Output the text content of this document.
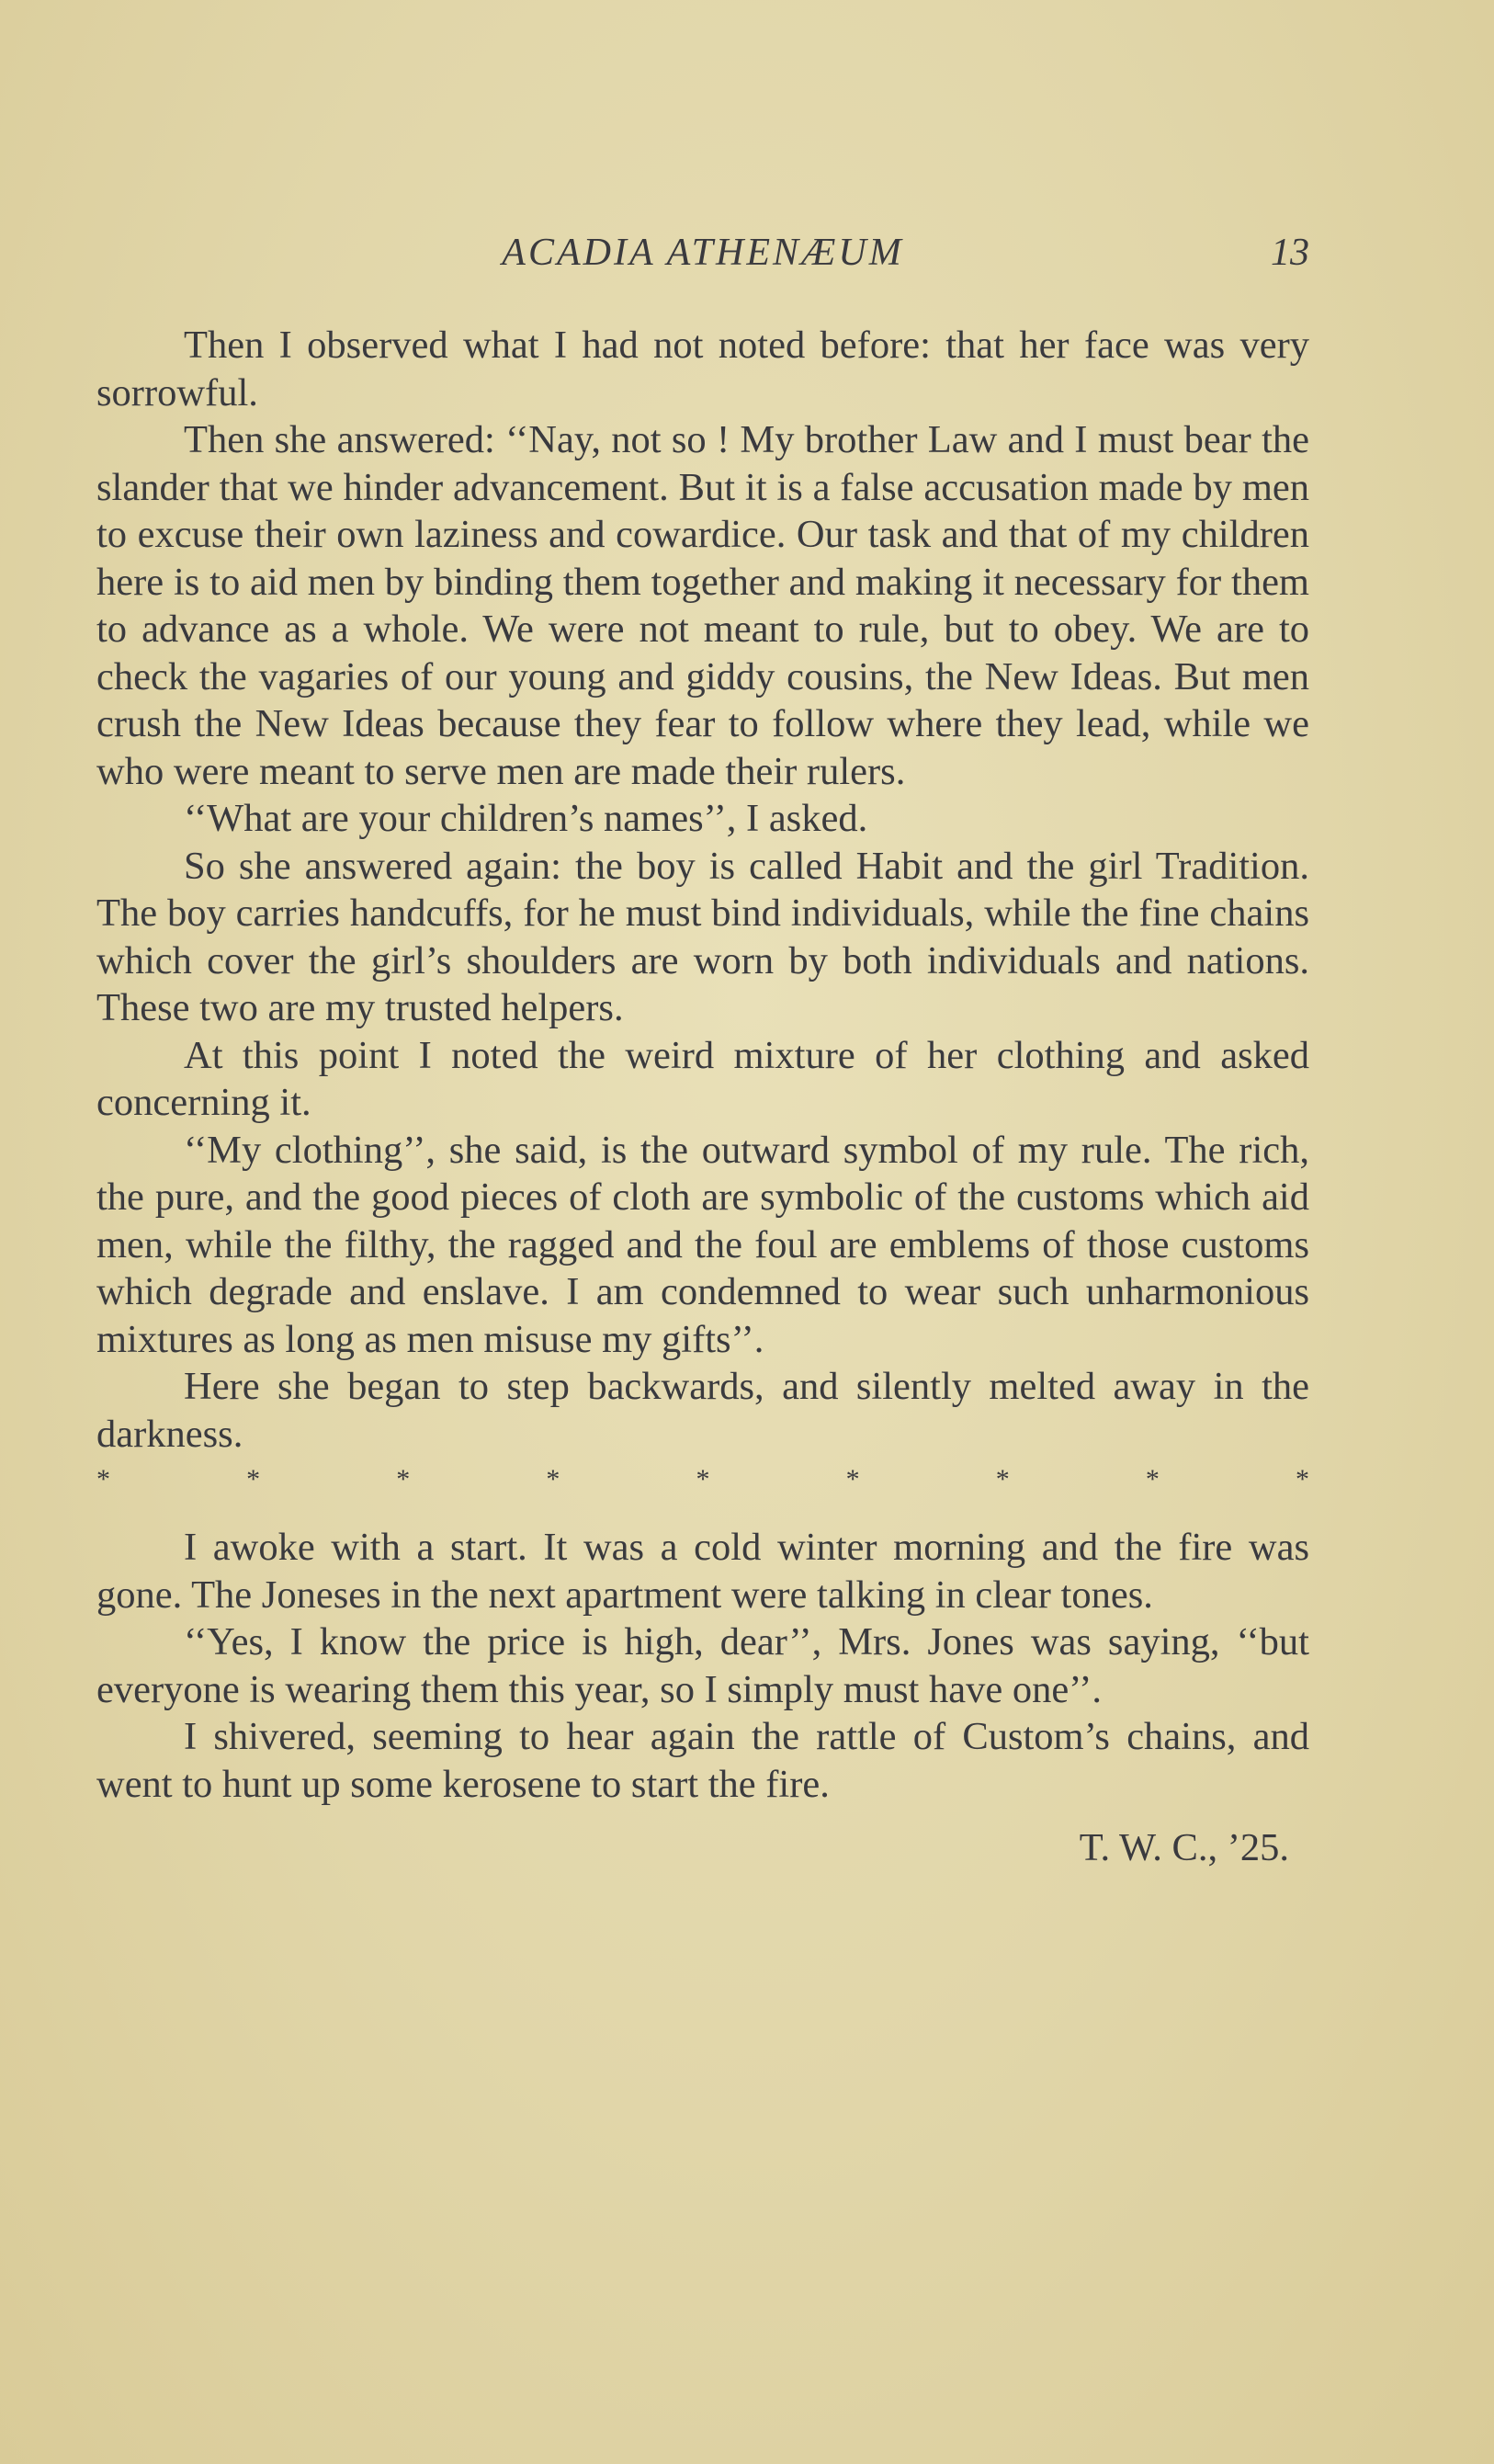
ACADIA ATHENÆUM	13

Then I observed what I had not noted before: that her face was very sorrowful.

Then she answered: ‘‘Nay, not so ! My brother Law and I must bear the slander that we hinder advancement. But it is a false accusation made by men to excuse their own laziness and cowardice. Our task and that of my children here is to aid men by binding them together and making it necessary for them to advance as a whole. We were not meant to rule, but to obey. We are to check the vagaries of our young and giddy cousins, the New Ideas. But men crush the New Ideas because they fear to follow where they lead, while we who were meant to serve men are made their rulers.

‘‘What are your children’s names’’, I asked.

So she answered again: the boy is called Habit and the girl Tradition. The boy carries handcuffs, for he must bind individuals, while the fine chains which cover the girl’s shoulders are worn by both individuals and nations. These two are my trusted helpers.

At this point I noted the weird mixture of her clothing and asked concerning it.

‘‘My clothing’’, she said, is the outward symbol of my rule. The rich, the pure, and the good pieces of cloth are symbolic of the customs which aid men, while the filthy, the ragged and the foul are emblems of those customs which degrade and enslave. I am condemned to wear such unharmonious mixtures as long as men misuse my gifts’’.

Here she began to step backwards, and silently melted away in the darkness.

*	*	*	*	*	*	*	*	*

I awoke with a start. It was a cold winter morning and the fire was gone. The Joneses in the next apartment were talking in clear tones.

‘‘Yes, I know the price is high, dear’’, Mrs. Jones was saying, ‘‘but everyone is wearing them this year, so I simply must have one’’.

I shivered, seeming to hear again the rattle of Custom’s chains, and went to hunt up some kerosene to start the fire.

T. W. C., ’25.
